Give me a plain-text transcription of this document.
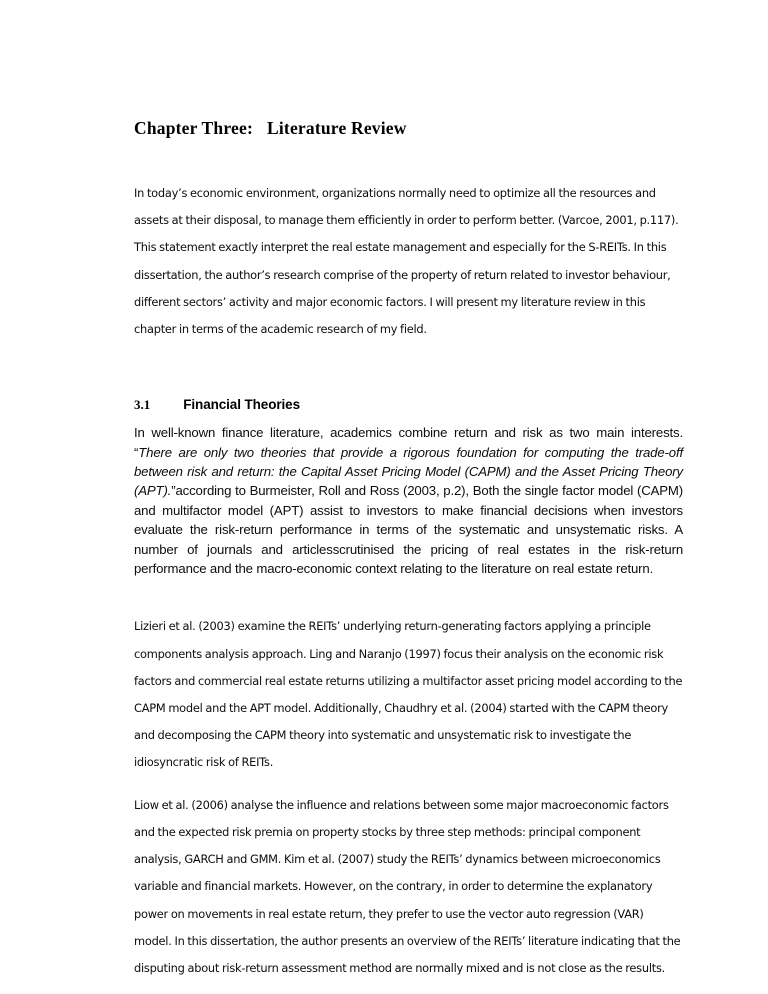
Chapter Three: Literature Review

In today’s economic environment, organizations normally need to optimize all the resources and assets at their disposal, to manage them efficiently in order to perform better. (Varcoe, 2001, p.117). This statement exactly interpret the real estate management and especially for the S-REITs. In this dissertation, the author’s research comprise of the property of return related to investor behaviour, different sectors’ activity and major economic factors. I will present my literature review in this chapter in terms of the academic research of my field.

3.1 Financial Theories

In well-known finance literature, academics combine return and risk as two main interests. “There are only two theories that provide a rigorous foundation for computing the trade-off between risk and return: the Capital Asset Pricing Model (CAPM) and the Asset Pricing Theory (APT).”according to Burmeister, Roll and Ross (2003, p.2), Both the single factor model (CAPM) and multifactor model (APT) assist to investors to make financial decisions when investors evaluate the risk-return performance in terms of the systematic and unsystematic risks. A number of journals and articlesscrutinised the pricing of real estates in the risk-return performance and the macro-economic context relating to the literature on real estate return.

Lizieri et al. (2003) examine the REITs’ underlying return-generating factors applying a principle components analysis approach. Ling and Naranjo (1997) focus their analysis on the economic risk factors and commercial real estate returns utilizing a multifactor asset pricing model according to the CAPM model and the APT model. Additionally, Chaudhry et al. (2004) started with the CAPM theory and decomposing the CAPM theory into systematic and unsystematic risk to investigate the idiosyncratic risk of REITs.

Liow et al. (2006) analyse the influence and relations between some major macroeconomic factors and the expected risk premia on property stocks by three step methods: principal component analysis, GARCH and GMM. Kim et al. (2007) study the REITs’ dynamics between microeconomics variable and financial markets. However, on the contrary, in order to determine the explanatory power on movements in real estate return, they prefer to use the vector auto regression (VAR) model. In this dissertation, the author presents an overview of the REITs’ literature indicating that the disputing about risk-return assessment method are normally mixed and is not close as the results.
